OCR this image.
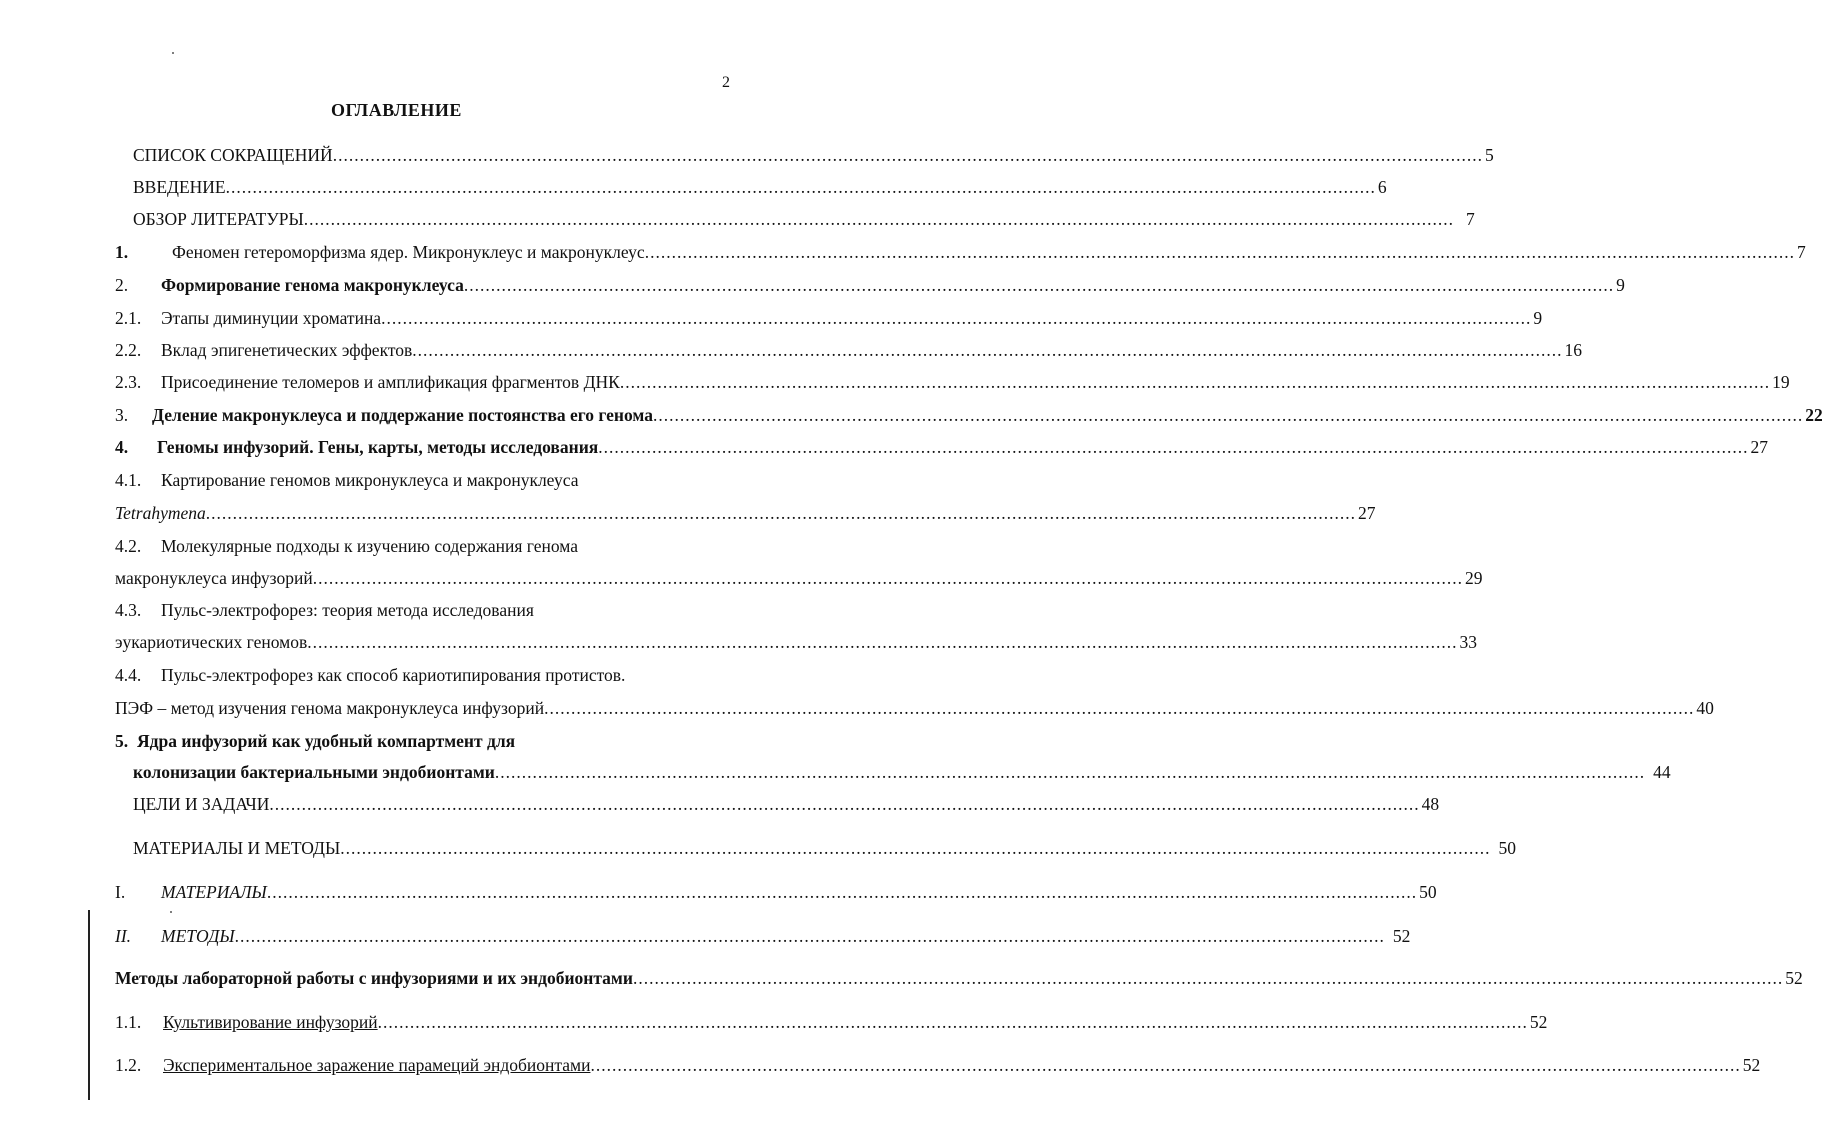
2
ОГЛАВЛЕНИЕ
СПИСОК СОКРАЩЕНИЙ .....	5
ВВЕДЕНИЕ .....	6
ОБЗОР ЛИТЕРАТУРЫ .....	7
1.	Феномен гетероморфизма ядер. Микронуклеус и макронуклеус .....	7
2.	Формирование генома макронуклеуса .....	9
2.1.	Этапы диминуции хроматина .....	9
2.2.	Вклад эпигенетических эффектов .....	16
2.3.	Присоединение теломеров и амплификация фрагментов ДНК .....	19
3.	Деление макронуклеуса и поддержание постоянства его генома .....	22
4.	Геномы инфузорий. Гены, карты, методы исследования .....	27
4.1.	Картирование геномов микронуклеуса и макронуклеуса
Tetrahymena .....	27
4.2.	Молекулярные подходы к изучению содержания генома
макронуклеуса инфузорий .....	29
4.3.	Пульс-электрофорез: теория метода исследования
эукариотических геномов .....	33
4.4.	Пульс-электрофорез как способ кариотипирования протистов.
ПЭФ – метод изучения генома макронуклеуса инфузорий .....	40
5. Ядра инфузорий как удобный компартмент для
колонизации бактериальными эндобионтами .....	44
ЦЕЛИ И ЗАДАЧИ .....	48
МАТЕРИАЛЫ И МЕТОДЫ .....	50
I.	МАТЕРИАЛЫ .....	50
II.	МЕТОДЫ .....	52
Методы лабораторной работы с инфузориями и их эндобионтами .....	52
1.1.	Культивирование инфузорий .....	52
1.2.	Экспериментальное заражение парамеций эндобионтами .....	52
